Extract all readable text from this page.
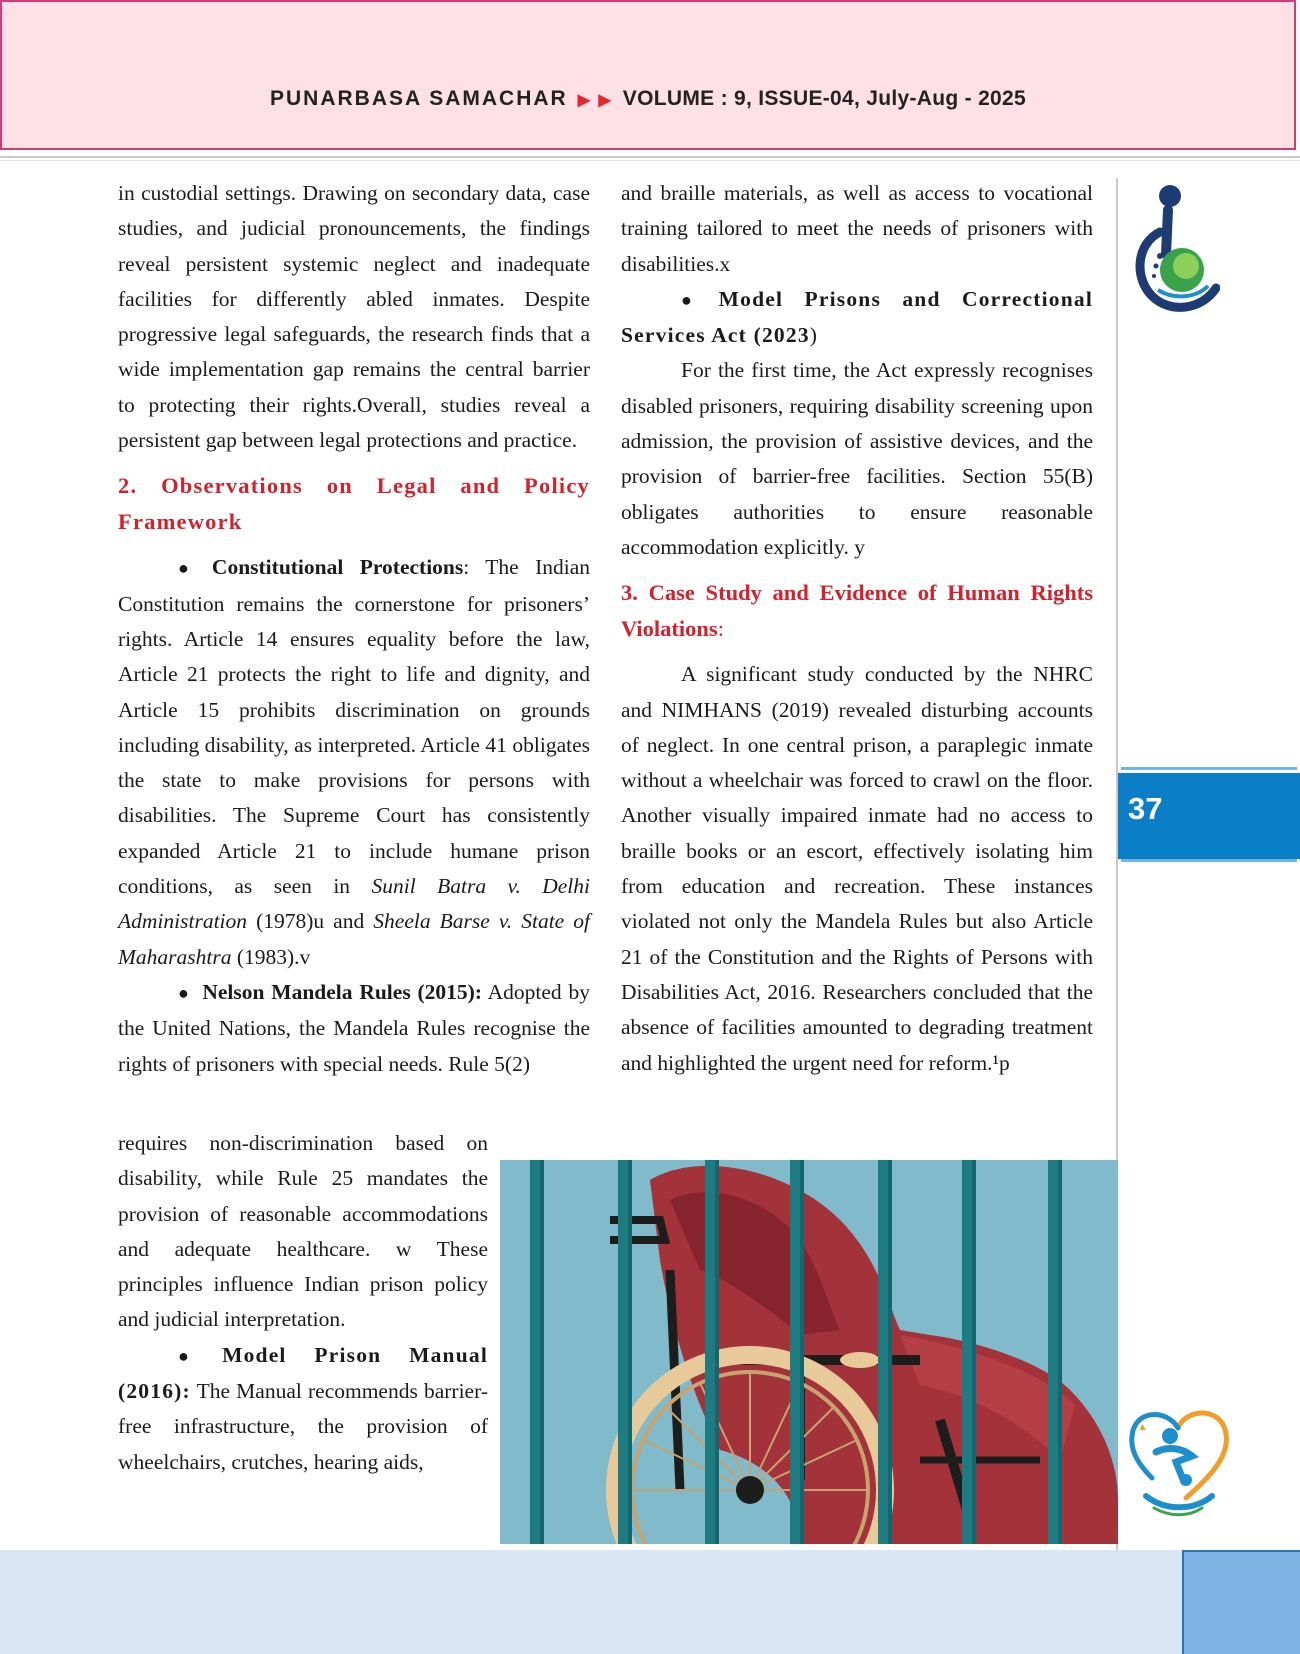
PUNARBASA SAMACHAR ▶ ▶ VOLUME : 9, ISSUE-04, July-Aug - 2025

in custodial settings. Drawing on secondary data, case studies, and judicial pronouncements, the findings reveal persistent systemic neglect and inadequate facilities for differently abled inmates. Despite progressive legal safeguards, the research finds that a wide implementation gap remains the central barrier to protecting their rights.Overall, studies reveal a persistent gap between legal protections and practice.

2. Observations on Legal and Policy Framework

● Constitutional Protections: The Indian Constitution remains the cornerstone for prisoners’ rights. Article 14 ensures equality before the law, Article 21 protects the right to life and dignity, and Article 15 prohibits discrimination on grounds including disability, as interpreted. Article 41 obligates the state to make provisions for persons with disabilities. The Supreme Court has consistently expanded Article 21 to include humane prison conditions, as seen in Sunil Batra v. Delhi Administration (1978)u and Sheela Barse v. State of Maharashtra (1983).v

● Nelson Mandela Rules (2015): Adopted by the United Nations, the Mandela Rules recognise the rights of prisoners with special needs. Rule 5(2)

requires non-discrimination based on disability, while Rule 25 mandates the provision of reasonable accommodations and adequate healthcare. w These principles influence Indian prison policy and judicial interpretation.

● Model Prison Manual (2016): The Manual recommends barrier-free infrastructure, the provision of wheelchairs, crutches, hearing aids,

and braille materials, as well as access to vocational training tailored to meet the needs of prisoners with disabilities.x

● Model Prisons and Correctional Services Act (2023)

For the first time, the Act expressly recognises disabled prisoners, requiring disability screening upon admission, the provision of assistive devices, and the provision of barrier-free facilities. Section 55(B) obligates authorities to ensure reasonable accommodation explicitly. y

3. Case Study and Evidence of Human Rights Violations:

A significant study conducted by the NHRC and NIMHANS (2019) revealed disturbing accounts of neglect. In one central prison, a paraplegic inmate without a wheelchair was forced to crawl on the floor. Another visually impaired inmate had no access to braille books or an escort, effectively isolating him from education and recreation. These instances violated not only the Mandela Rules but also Article 21 of the Constitution and the Rights of Persons with Disabilities Act, 2016. Researchers concluded that the absence of facilities amounted to degrading treatment and highlighted the urgent need for reform.¹p

37
